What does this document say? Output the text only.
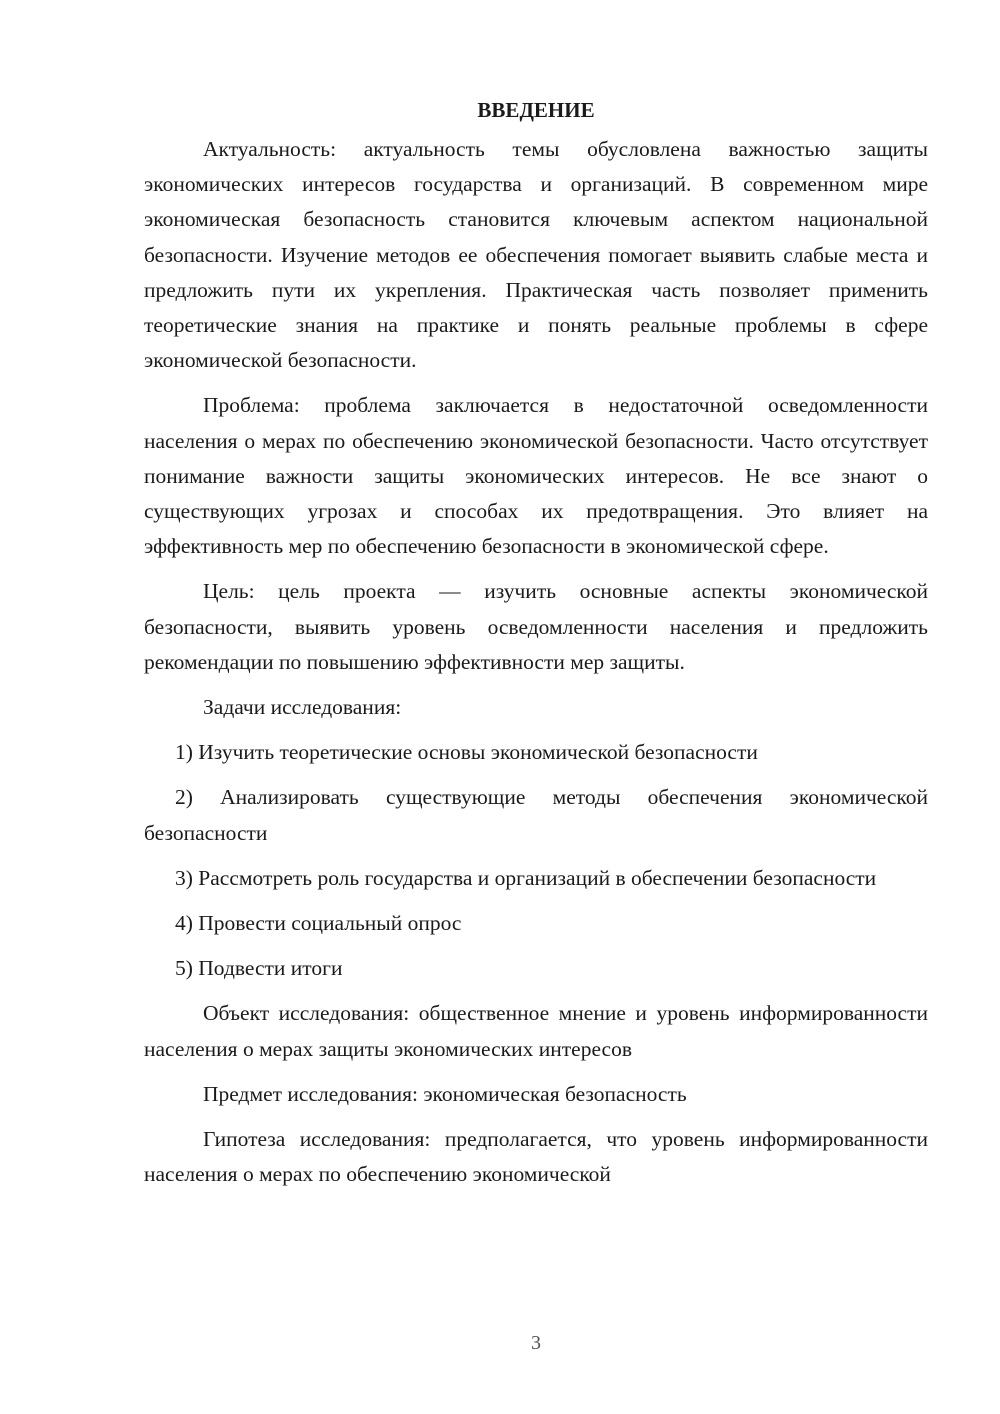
ВВЕДЕНИЕ

Актуальность: актуальность темы обусловлена важностью защиты экономических интересов государства и организаций. В современном мире экономическая безопасность становится ключевым аспектом национальной безопасности. Изучение методов ее обеспечения помогает выявить слабые места и предложить пути их укрепления. Практическая часть позволяет применить теоретические знания на практике и понять реальные проблемы в сфере экономической безопасности.

Проблема: проблема заключается в недостаточной осведомленности населения о мерах по обеспечению экономической безопасности. Часто отсутствует понимание важности защиты экономических интересов. Не все знают о существующих угрозах и способах их предотвращения. Это влияет на эффективность мер по обеспечению безопасности в экономической сфере.

Цель: цель проекта — изучить основные аспекты экономической безопасности, выявить уровень осведомленности населения и предложить рекомендации по повышению эффективности мер защиты.

Задачи исследования:

1) Изучить теоретические основы экономической безопасности

2) Анализировать существующие методы обеспечения экономической безопасности

3) Рассмотреть роль государства и организаций в обеспечении безопасности

4) Провести социальный опрос

5) Подвести итоги

Объект исследования: общественное мнение и уровень информированности населения о мерах защиты экономических интересов

Предмет исследования: экономическая безопасность

Гипотеза исследования: предполагается, что уровень информированности населения о мерах по обеспечению экономической

3
